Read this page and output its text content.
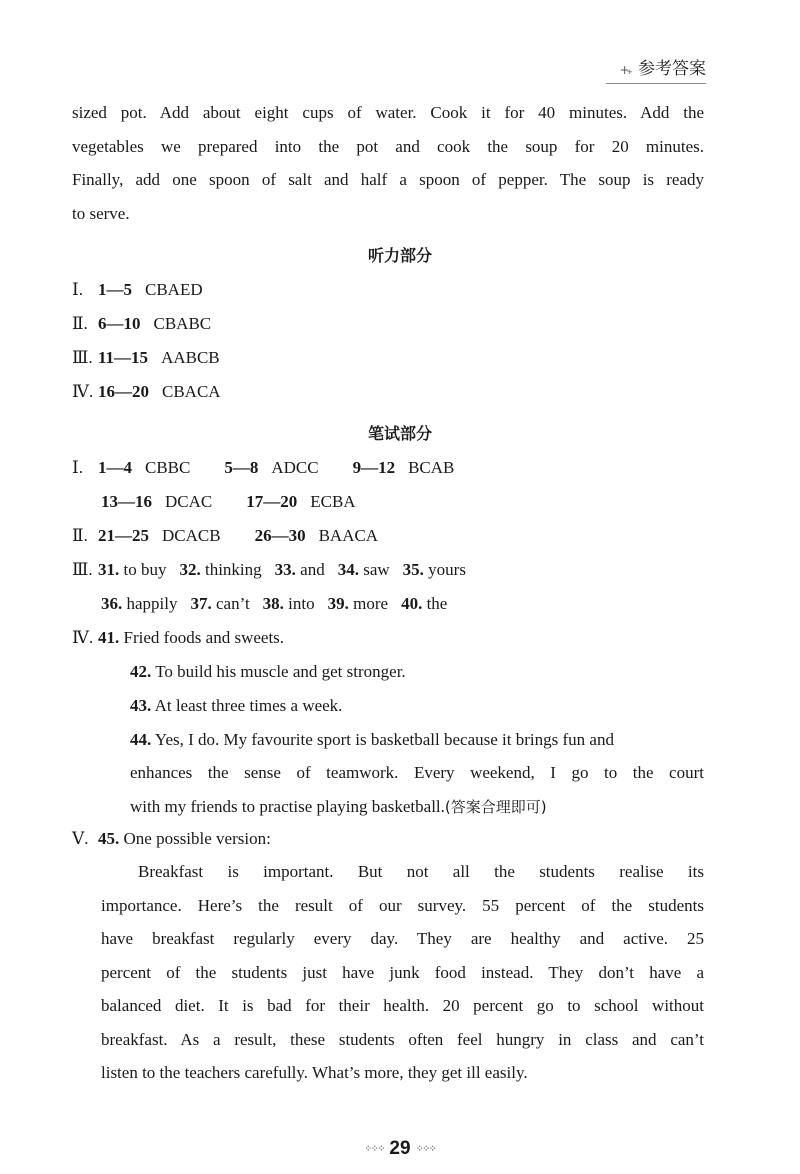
+₊ 参考答案
sized pot. Add about eight cups of water. Cook it for 40 minutes. Add the
vegetables we prepared into the pot and cook the soup for 20 minutes.
Finally, add one spoon of salt and half a spoon of pepper. The soup is ready
to serve.
听力部分
Ⅰ. 1—5 CBAED
Ⅱ. 6—10 CBABC
Ⅲ. 11—15 AABCB
Ⅳ. 16—20 CBACA
笔试部分
Ⅰ. 1—4 CBBC 5—8 ADCC 9—12 BCAB
13—16 DCAC 17—20 ECBA
Ⅱ. 21—25 DCACB 26—30 BAACA
Ⅲ. 31. to buy 32. thinking 33. and 34. saw 35. yours
36. happily 37. can’t 38. into 39. more 40. the
Ⅳ. 41. Fried foods and sweets.
42. To build his muscle and get stronger.
43. At least three times a week.
44. Yes, I do. My favourite sport is basketball because it brings fun and
enhances the sense of teamwork. Every weekend, I go to the court
with my friends to practise playing basketball.(答案合理即可)
Ⅴ. 45. One possible version:
Breakfast is important. But not all the students realise its
importance. Here’s the result of our survey. 55 percent of the students
have breakfast regularly every day. They are healthy and active. 25
percent of the students just have junk food instead. They don’t have a
balanced diet. It is bad for their health. 20 percent go to school without
breakfast. As a result, these students often feel hungry in class and can’t
listen to the teachers carefully. What’s more, they get ill easily.
⁘⁘⁘ 29 ⁘⁘⁘
